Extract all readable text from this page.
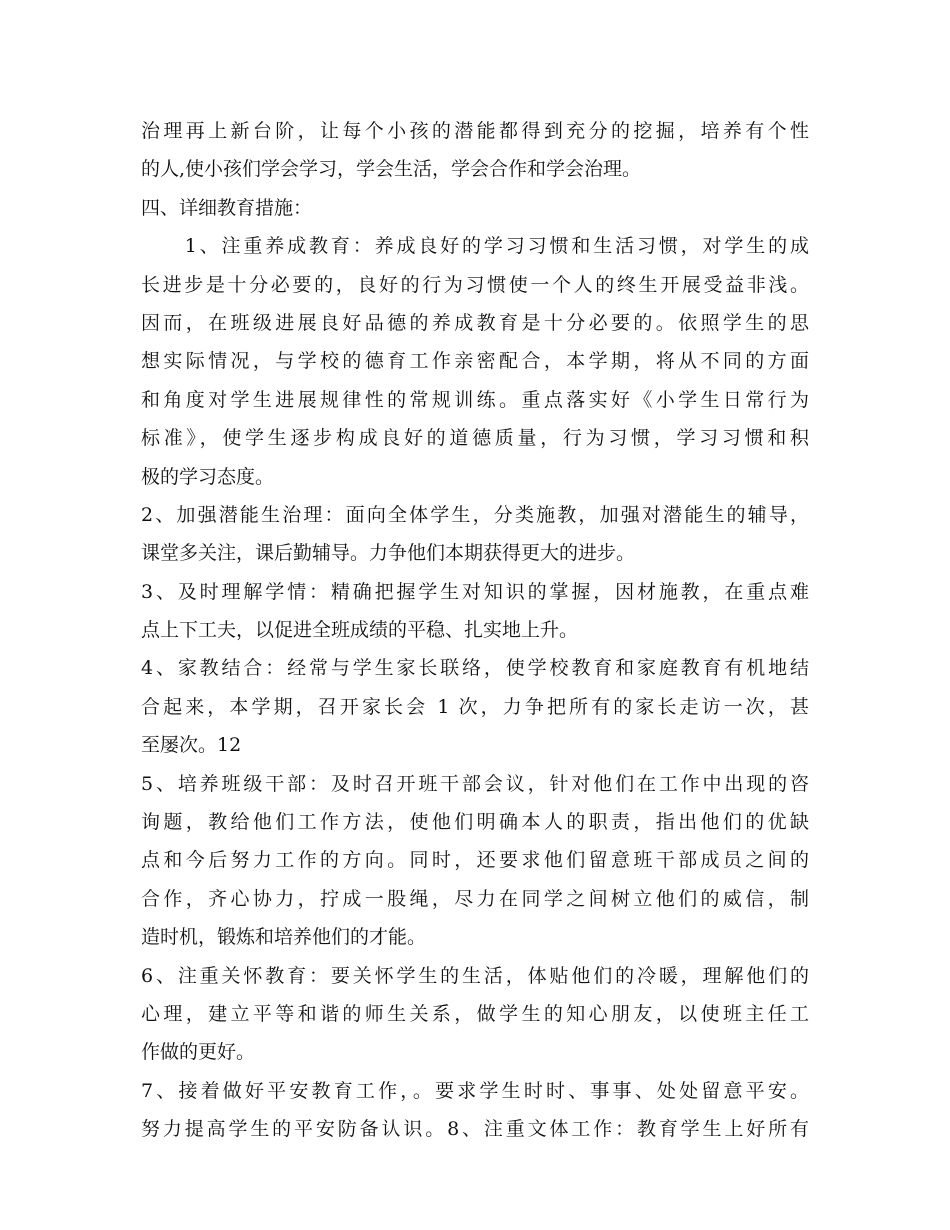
治理再上新台阶，让每个小孩的潜能都得到充分的挖掘，培养有个性
的人,使小孩们学会学习，学会生活，学会合作和学会治理。
四、详细教育措施：
　　1、注重养成教育：养成良好的学习习惯和生活习惯，对学生的成
长进步是十分必要的，良好的行为习惯使一个人的终生开展受益非浅。
因而，在班级进展良好品德的养成教育是十分必要的。依照学生的思
想实际情况，与学校的德育工作亲密配合，本学期，将从不同的方面
和角度对学生进展规律性的常规训练。重点落实好《小学生日常行为
标准》，使学生逐步构成良好的道德质量，行为习惯，学习习惯和积
极的学习态度。
2、加强潜能生治理：面向全体学生，分类施教，加强对潜能生的辅导，
课堂多关注，课后勤辅导。力争他们本期获得更大的进步。
3、及时理解学情：精确把握学生对知识的掌握，因材施教，在重点难
点上下工夫，以促进全班成绩的平稳、扎实地上升。
4、家教结合：经常与学生家长联络，使学校教育和家庭教育有机地结
合起来，本学期，召开家长会 1 次，力争把所有的家长走访一次，甚
至屡次。12
5、培养班级干部：及时召开班干部会议，针对他们在工作中出现的咨
询题，教给他们工作方法，使他们明确本人的职责，指出他们的优缺
点和今后努力工作的方向。同时，还要求他们留意班干部成员之间的
合作，齐心协力，拧成一股绳，尽力在同学之间树立他们的威信，制
造时机，锻炼和培养他们的才能。
6、注重关怀教育：要关怀学生的生活，体贴他们的冷暖，理解他们的
心理，建立平等和谐的师生关系，做学生的知心朋友，以使班主任工
作做的更好。
7、接着做好平安教育工作，。要求学生时时、事事、处处留意平安。
努力提高学生的平安防备认识。8、注重文体工作：教育学生上好所有
